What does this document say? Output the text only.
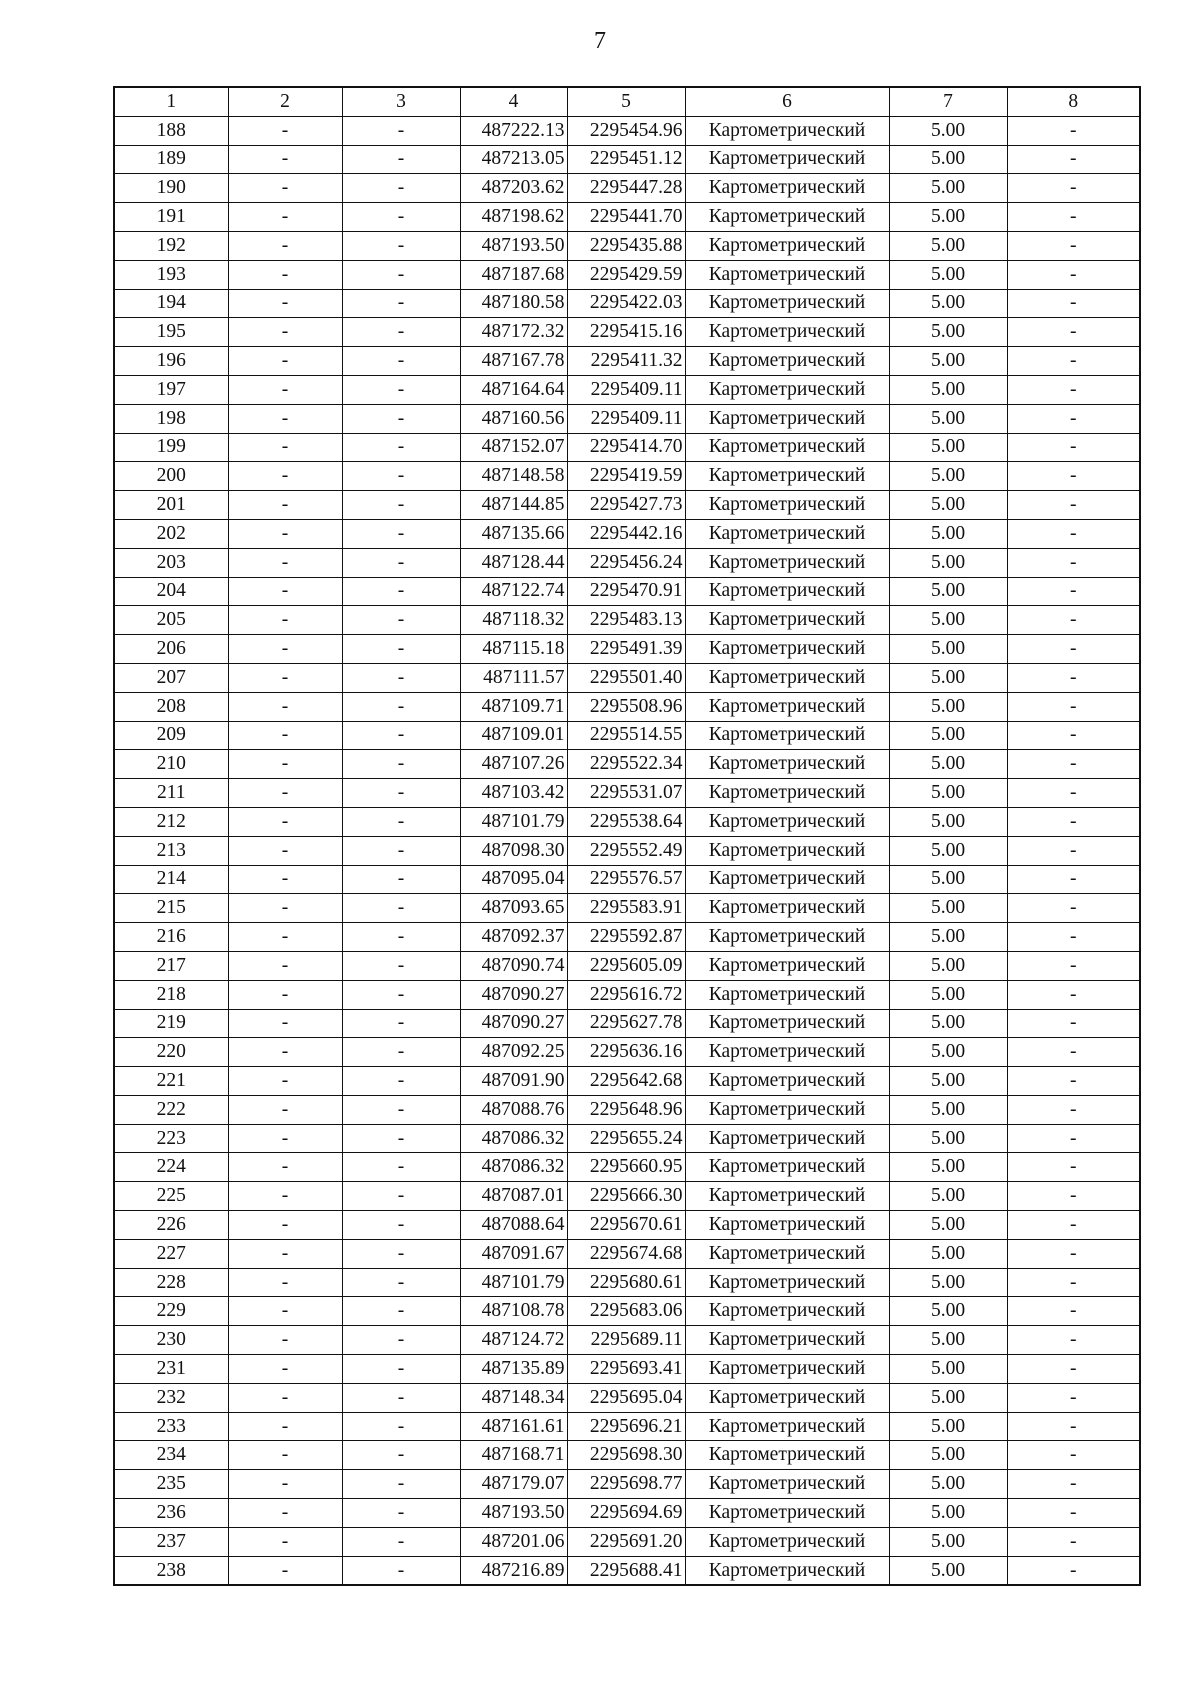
7
1	2	3	4	5	6	7	8
188	-	-	487222.13	2295454.96	Картометрический	5.00	-
189	-	-	487213.05	2295451.12	Картометрический	5.00	-
190	-	-	487203.62	2295447.28	Картометрический	5.00	-
191	-	-	487198.62	2295441.70	Картометрический	5.00	-
192	-	-	487193.50	2295435.88	Картометрический	5.00	-
193	-	-	487187.68	2295429.59	Картометрический	5.00	-
194	-	-	487180.58	2295422.03	Картометрический	5.00	-
195	-	-	487172.32	2295415.16	Картометрический	5.00	-
196	-	-	487167.78	2295411.32	Картометрический	5.00	-
197	-	-	487164.64	2295409.11	Картометрический	5.00	-
198	-	-	487160.56	2295409.11	Картометрический	5.00	-
199	-	-	487152.07	2295414.70	Картометрический	5.00	-
200	-	-	487148.58	2295419.59	Картометрический	5.00	-
201	-	-	487144.85	2295427.73	Картометрический	5.00	-
202	-	-	487135.66	2295442.16	Картометрический	5.00	-
203	-	-	487128.44	2295456.24	Картометрический	5.00	-
204	-	-	487122.74	2295470.91	Картометрический	5.00	-
205	-	-	487118.32	2295483.13	Картометрический	5.00	-
206	-	-	487115.18	2295491.39	Картометрический	5.00	-
207	-	-	487111.57	2295501.40	Картометрический	5.00	-
208	-	-	487109.71	2295508.96	Картометрический	5.00	-
209	-	-	487109.01	2295514.55	Картометрический	5.00	-
210	-	-	487107.26	2295522.34	Картометрический	5.00	-
211	-	-	487103.42	2295531.07	Картометрический	5.00	-
212	-	-	487101.79	2295538.64	Картометрический	5.00	-
213	-	-	487098.30	2295552.49	Картометрический	5.00	-
214	-	-	487095.04	2295576.57	Картометрический	5.00	-
215	-	-	487093.65	2295583.91	Картометрический	5.00	-
216	-	-	487092.37	2295592.87	Картометрический	5.00	-
217	-	-	487090.74	2295605.09	Картометрический	5.00	-
218	-	-	487090.27	2295616.72	Картометрический	5.00	-
219	-	-	487090.27	2295627.78	Картометрический	5.00	-
220	-	-	487092.25	2295636.16	Картометрический	5.00	-
221	-	-	487091.90	2295642.68	Картометрический	5.00	-
222	-	-	487088.76	2295648.96	Картометрический	5.00	-
223	-	-	487086.32	2295655.24	Картометрический	5.00	-
224	-	-	487086.32	2295660.95	Картометрический	5.00	-
225	-	-	487087.01	2295666.30	Картометрический	5.00	-
226	-	-	487088.64	2295670.61	Картометрический	5.00	-
227	-	-	487091.67	2295674.68	Картометрический	5.00	-
228	-	-	487101.79	2295680.61	Картометрический	5.00	-
229	-	-	487108.78	2295683.06	Картометрический	5.00	-
230	-	-	487124.72	2295689.11	Картометрический	5.00	-
231	-	-	487135.89	2295693.41	Картометрический	5.00	-
232	-	-	487148.34	2295695.04	Картометрический	5.00	-
233	-	-	487161.61	2295696.21	Картометрический	5.00	-
234	-	-	487168.71	2295698.30	Картометрический	5.00	-
235	-	-	487179.07	2295698.77	Картометрический	5.00	-
236	-	-	487193.50	2295694.69	Картометрический	5.00	-
237	-	-	487201.06	2295691.20	Картометрический	5.00	-
238	-	-	487216.89	2295688.41	Картометрический	5.00	-
